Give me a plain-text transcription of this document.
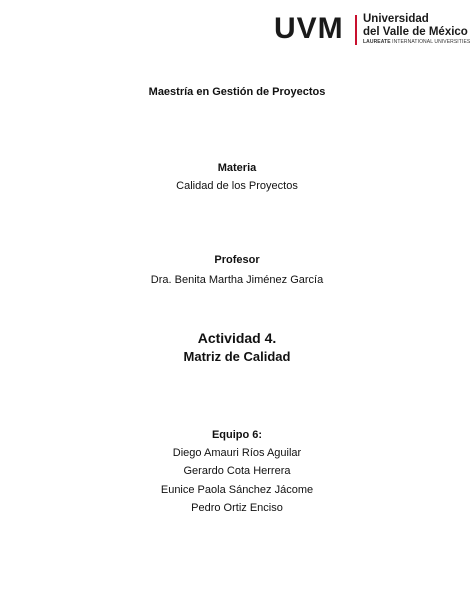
UVM Universidad
del Valle de México
LAUREATE INTERNATIONAL UNIVERSITIES
Maestría en Gestión de Proyectos
Materia
Calidad de los Proyectos
Profesor
Dra. Benita Martha Jiménez García
Actividad 4.
Matriz de Calidad
Equipo 6:
Diego Amauri Ríos Aguilar
Gerardo Cota Herrera
Eunice Paola Sánchez Jácome
Pedro Ortiz Enciso
